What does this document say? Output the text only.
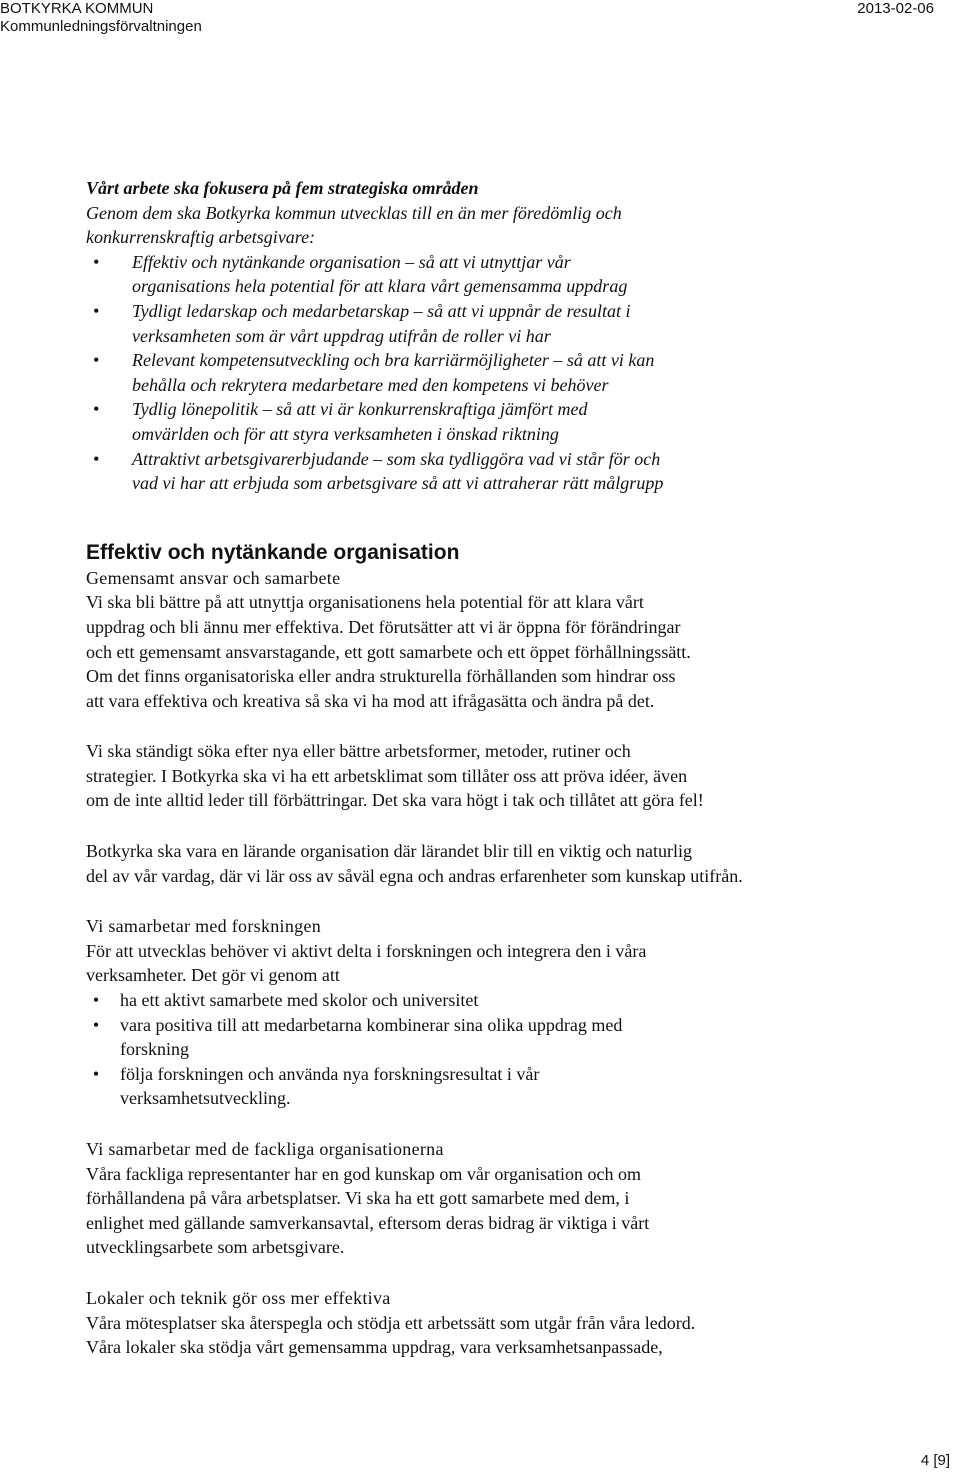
BOTKYRKA KOMMUN
Kommunledningsförvaltningen
2013-02-06

Vårt arbete ska fokusera på fem strategiska områden

Genom dem ska Botkyrka kommun utvecklas till en än mer föredömlig och

konkurrenskraftig arbetsgivare:

•	Effektiv och nytänkande organisation – så att vi utnyttjar vår
organisations hela potential för att klara vårt gemensamma uppdrag
•	Tydligt ledarskap och medarbetarskap – så att vi uppnår de resultat i
verksamheten som är vårt uppdrag utifrån de roller vi har
•	Relevant kompetensutveckling och bra karriärmöjligheter – så att vi kan
behålla och rekrytera medarbetare med den kompetens vi behöver
•	Tydlig lönepolitik – så att vi är konkurrenskraftiga jämfört med
omvärlden och för att styra verksamheten i önskad riktning
•	Attraktivt arbetsgivarerbjudande – som ska tydliggöra vad vi står för och
vad vi har att erbjuda som arbetsgivare så att vi attraherar rätt målgrupp

Effektiv och nytänkande organisation

Gemensamt ansvar och samarbete

Vi ska bli bättre på att utnyttja organisationens hela potential för att klara vårt

uppdrag och bli ännu mer effektiva. Det förutsätter att vi är öppna för förändringar

och ett gemensamt ansvarstagande, ett gott samarbete och ett öppet förhållningssätt.

Om det finns organisatoriska eller andra strukturella förhållanden som hindrar oss

att vara effektiva och kreativa så ska vi ha mod att ifrågasätta och ändra på det.

Vi ska ständigt söka efter nya eller bättre arbetsformer, metoder, rutiner och

strategier. I Botkyrka ska vi ha ett arbetsklimat som tillåter oss att pröva idéer, även

om de inte alltid leder till förbättringar. Det ska vara högt i tak och tillåtet att göra fel!

Botkyrka ska vara en lärande organisation där lärandet blir till en viktig och naturlig

del av vår vardag, där vi lär oss av såväl egna och andras erfarenheter som kunskap utifrån.

Vi samarbetar med forskningen

För att utvecklas behöver vi aktivt delta i forskningen och integrera den i våra

verksamheter. Det gör vi genom att

•	ha ett aktivt samarbete med skolor och universitet
•	vara positiva till att medarbetarna kombinerar sina olika uppdrag med
forskning
•	följa forskningen och använda nya forskningsresultat i vår
verksamhetsutveckling.

Vi samarbetar med de fackliga organisationerna

Våra fackliga representanter har en god kunskap om vår organisation och om

förhållandena på våra arbetsplatser. Vi ska ha ett gott samarbete med dem, i

enlighet med gällande samverkansavtal, eftersom deras bidrag är viktiga i vårt

utvecklingsarbete som arbetsgivare.

Lokaler och teknik gör oss mer effektiva

Våra mötesplatser ska återspegla och stödja ett arbetssätt som utgår från våra ledord.

Våra lokaler ska stödja vårt gemensamma uppdrag, vara verksamhetsanpassade,

4 [9]
